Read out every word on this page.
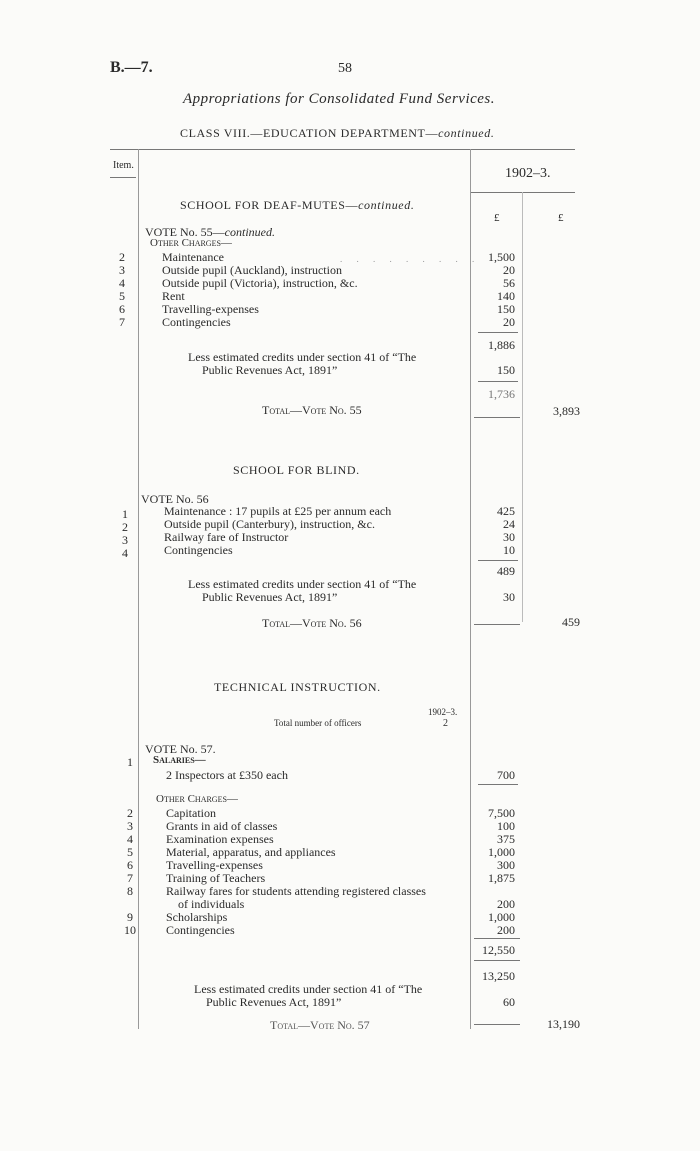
B.—7.	58
Appropriations for Consolidated Fund Services.
CLASS VIII.—EDUCATION DEPARTMENT—continued.
Item.
1902–3.
£	£
SCHOOL FOR DEAF-MUTES—continued.
VOTE No. 55—continued.
Other Charges—
2	Maintenance	1,500
3	Outside pupil (Auckland), instruction	20
4	Outside pupil (Victoria), instruction, &c.	56
5	Rent	140
6	Travelling-expenses	150
7	Contingencies	20
. . . . . . . . .
1,886
Less estimated credits under section 41 of “The
Public Revenues Act, 1891”	150
1,736
Total—Vote No. 55	3,893
SCHOOL FOR BLIND.
VOTE No. 56
1	Maintenance : 17 pupils at £25 per annum each	425
2	Outside pupil (Canterbury), instruction, &c.	24
3	Railway fare of Instructor	30
4	Contingencies	10
489
Less estimated credits under section 41 of “The
Public Revenues Act, 1891”	30
Total—Vote No. 56	459
TECHNICAL INSTRUCTION.
1902–3.
Total number of officers	2
VOTE No. 57.
1	Salaries—
2 Inspectors at £350 each	700
Other Charges—
2	Capitation	7,500
3	Grants in aid of classes	100
4	Examination expenses	375
5	Material, apparatus, and appliances	1,000
6	Travelling-expenses	300
7	Training of Teachers	1,875
8	Railway fares for students attending registered classes
of individuals	200
9	Scholarships	1,000
10	Contingencies	200
12,550
13,250
Less estimated credits under section 41 of “The
Public Revenues Act, 1891”	60
Total—Vote No. 57	13,190
